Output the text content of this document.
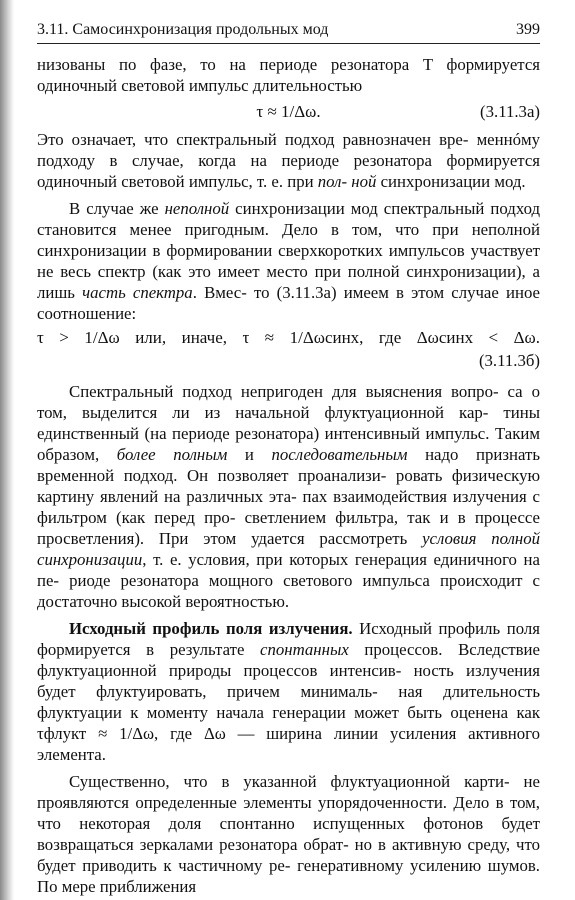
3.11. Самосинхронизация продольных мод	399

низованы по фазе, то на периоде резонатора T формируется одиночный световой импульс длительностью

τ ≈ 1/Δω.	(3.11.3а)

Это означает, что спектральный подход равнозначен вре- меннóму подходу в случае, когда на периоде резонатора формируется одиночный световой импульс, т. е. при пол- ной синхронизации мод.

В случае же неполной синхронизации мод спектральный подход становится менее пригодным. Дело в том, что при неполной синхронизации в формировании сверхкоротких импульсов участвует не весь спектр (как это имеет место при полной синхронизации), а лишь часть спектра. Вмес- то (3.11.3а) имеем в этом случае иное соотношение:

τ > 1/Δω или, иначе, τ ≈ 1/Δωсинх, где Δωсинх < Δω.
(3.11.3б)

Спектральный подход непригоден для выяснения вопро- са о том, выделится ли из начальной флуктуационной кар- тины единственный (на периоде резонатора) интенсивный импульс. Таким образом, более полным и последовательным надо признать временной подход. Он позволяет проанализи- ровать физическую картину явлений на различных эта- пах взаимодействия излучения с фильтром (как перед про- светлением фильтра, так и в процессе просветления). При этом удается рассмотреть условия полной синхронизации, т. е. условия, при которых генерация единичного на пе- риоде резонатора мощного светового импульса происходит с достаточно высокой вероятностью.

Исходный профиль поля излучения. Исходный профиль поля формируется в результате спонтанных процессов. Вследствие флуктуационной природы процессов интенсив- ность излучения будет флуктуировать, причем минималь- ная длительность флуктуации к моменту начала генерации может быть оценена как τфлукт ≈ 1/Δω, где Δω — ширина линии усиления активного элемента.

Существенно, что в указанной флуктуационной карти- не проявляются определенные элементы упорядоченности. Дело в том, что некоторая доля спонтанно испущенных фотонов будет возвращаться зеркалами резонатора обрат- но в активную среду, что будет приводить к частичному ре- генеративному усилению шумов. По мере приближения
